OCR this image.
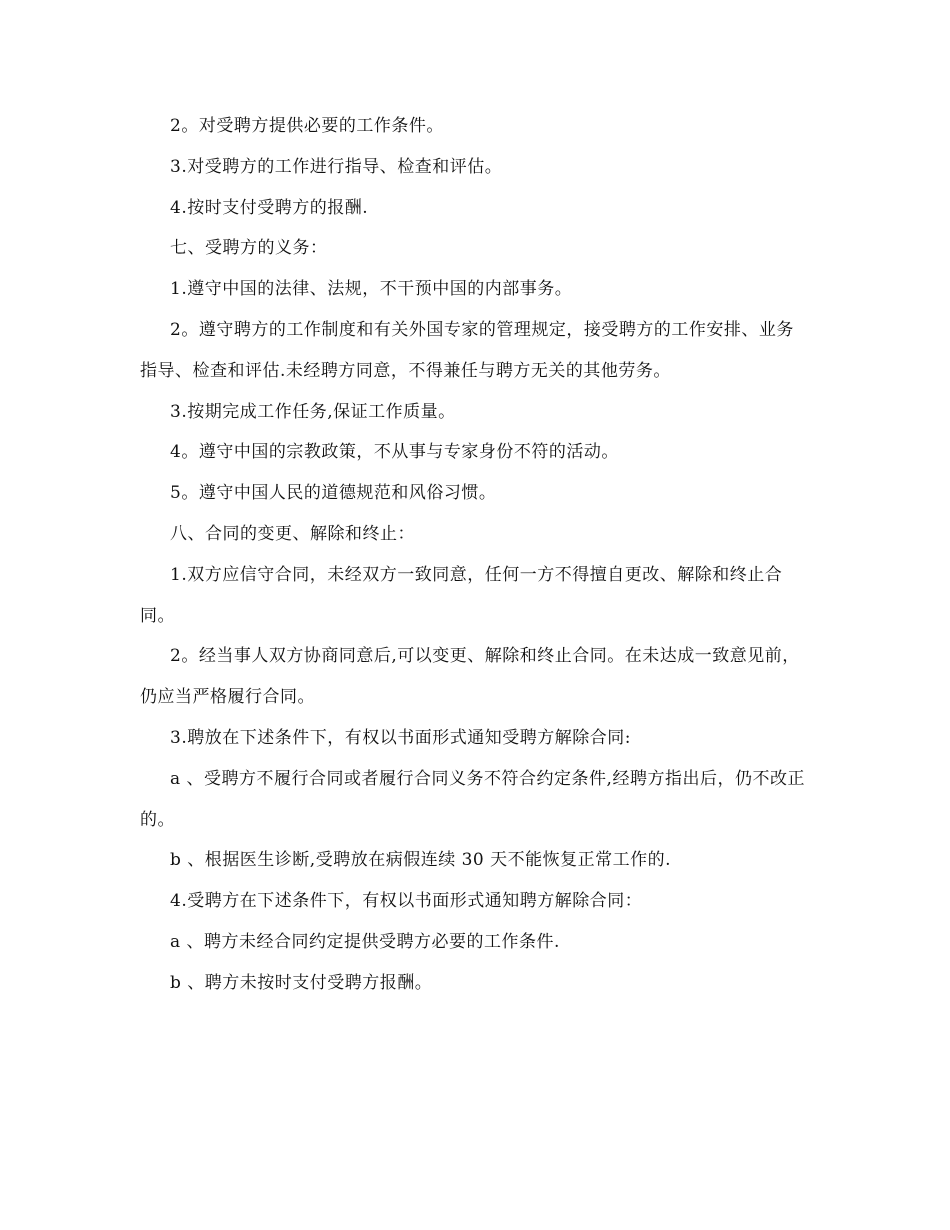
2。对受聘方提供必要的工作条件。

3.对受聘方的工作进行指导、检查和评估。

4.按时支付受聘方的报酬.

七、受聘方的义务：

1.遵守中国的法律、法规，不干预中国的内部事务。

2。遵守聘方的工作制度和有关外国专家的管理规定，接受聘方的工作安排、业务指导、检查和评估.未经聘方同意，不得兼任与聘方无关的其他劳务。

3.按期完成工作任务,保证工作质量。

4。遵守中国的宗教政策，不从事与专家身份不符的活动。

5。遵守中国人民的道德规范和风俗习惯。

八、合同的变更、解除和终止：

1.双方应信守合同，未经双方一致同意，任何一方不得擅自更改、解除和终止合同。

2。经当事人双方协商同意后,可以变更、解除和终止合同。在未达成一致意见前，仍应当严格履行合同。

3.聘放在下述条件下，有权以书面形式通知受聘方解除合同:

a 、受聘方不履行合同或者履行合同义务不符合约定条件,经聘方指出后，仍不改正的。

b 、根据医生诊断,受聘放在病假连续 30 天不能恢复正常工作的.

4.受聘方在下述条件下，有权以书面形式通知聘方解除合同：

a 、聘方未经合同约定提供受聘方必要的工作条件.

b 、聘方未按时支付受聘方报酬。
